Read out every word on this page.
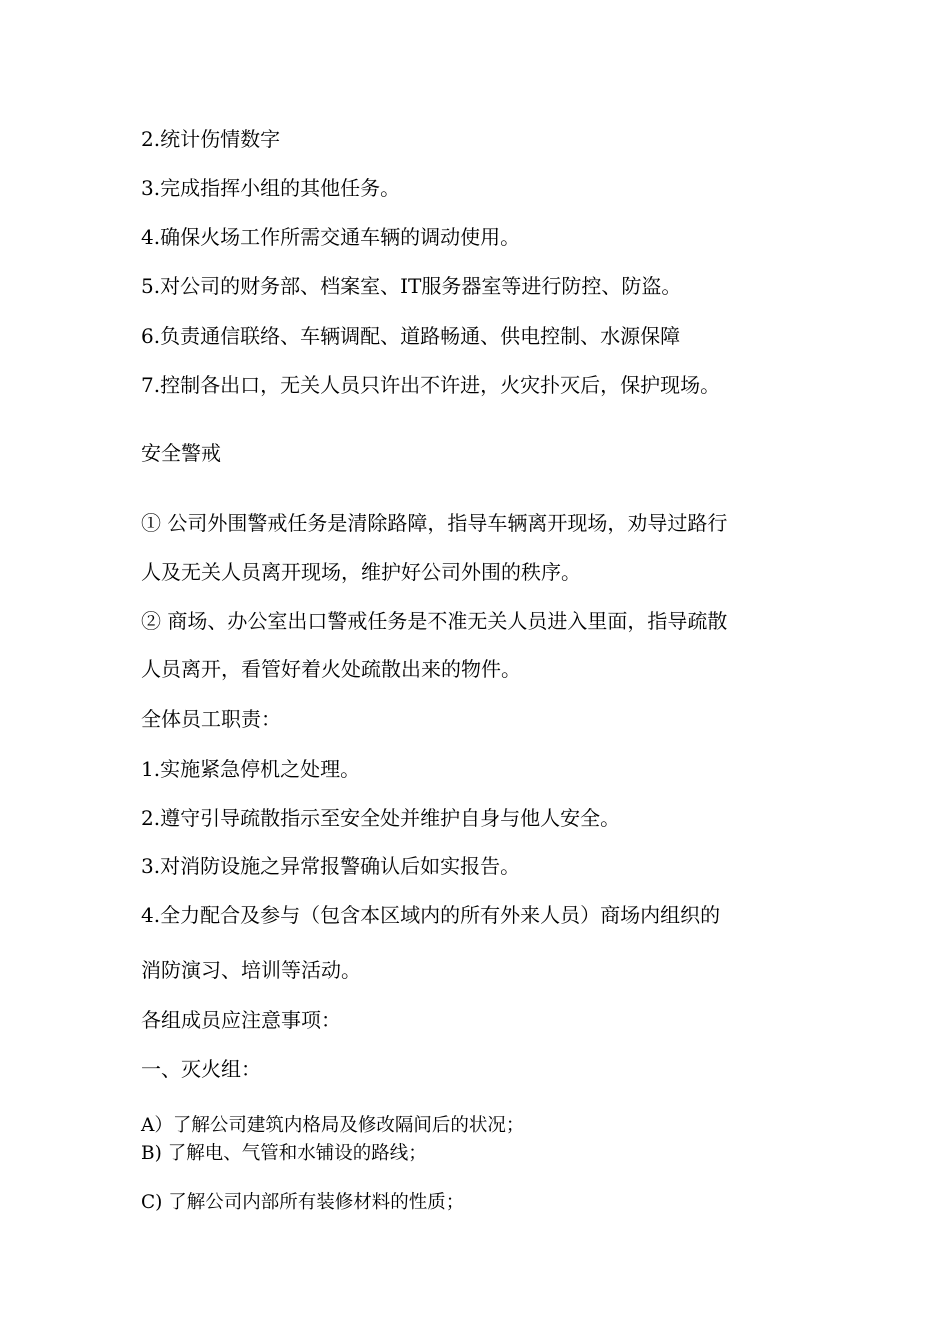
2.统计伤情数字
3.完成指挥小组的其他任务。
4.确保火场工作所需交通车辆的调动使用。
5.对公司的财务部、档案室、IT服务器室等进行防控、防盗。
6.负责通信联络、车辆调配、道路畅通、供电控制、水源保障
7.控制各出口，无关人员只许出不许进，火灾扑灭后，保护现场。
安全警戒
① 公司外围警戒任务是清除路障，指导车辆离开现场，劝导过路行
人及无关人员离开现场，维护好公司外围的秩序。
② 商场、办公室出口警戒任务是不准无关人员进入里面，指导疏散
人员离开，看管好着火处疏散出来的物件。
全体员工职责：
1.实施紧急停机之处理。
2.遵守引导疏散指示至安全处并维护自身与他人安全。
3.对消防设施之异常报警确认后如实报告。
4.全力配合及参与（包含本区域内的所有外来人员）商场内组织的
消防演习、培训等活动。
各组成员应注意事项：
一、灭火组：
A）了解公司建筑内格局及修改隔间后的状况；
B) 了解电、气管和水铺设的路线；
C) 了解公司内部所有装修材料的性质；
